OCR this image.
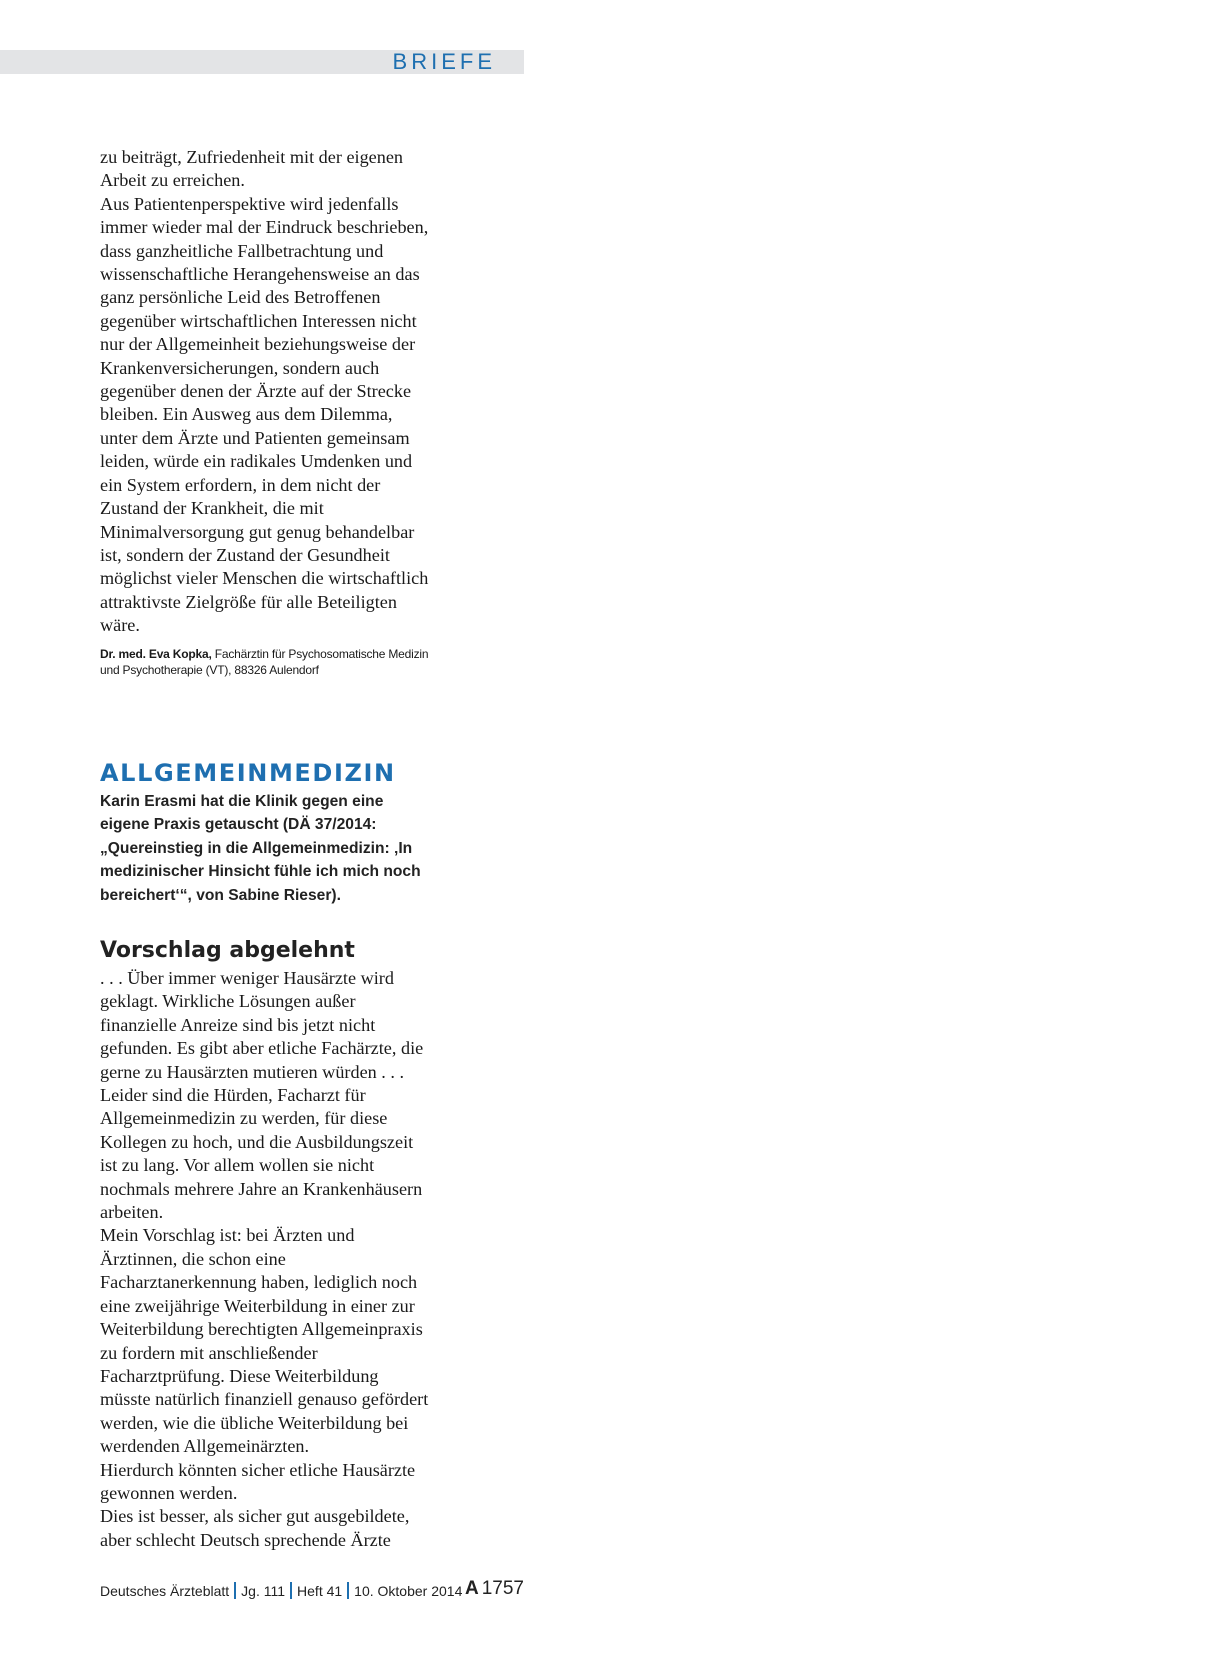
BRIEFE

zu beiträgt, Zufriedenheit mit der eigenen Arbeit zu erreichen.

Aus Patientenperspektive wird jedenfalls immer wieder mal der Eindruck beschrieben, dass ganzheitliche Fallbetrachtung und wissenschaftliche Herangehensweise an das ganz persönliche Leid des Betroffenen gegenüber wirtschaftlichen Interessen nicht nur der Allgemeinheit beziehungsweise der Krankenversicherungen, sondern auch gegenüber denen der Ärzte auf der Strecke bleiben. Ein Ausweg aus dem Dilemma, unter dem Ärzte und Patienten gemeinsam leiden, würde ein radikales Umdenken und ein System erfordern, in dem nicht der Zustand der Krankheit, die mit Minimalversorgung gut genug behandelbar ist, sondern der Zustand der Gesundheit möglichst vieler Menschen die wirtschaftlich attraktivste Zielgröße für alle Beteiligten wäre.

Dr. med. Eva Kopka, Fachärztin für Psychosomatische Medizin und Psychotherapie (VT), 88326 Aulendorf
ALLGEMEINMEDIZIN
Karin Erasmi hat die Klinik gegen eine eigene Praxis getauscht (DÄ 37/2014: „Quereinstieg in die Allgemeinmedizin: ‚In medizinischer Hinsicht fühle ich mich noch bereichert‘“, von Sabine Rieser).
Vorschlag abgelehnt

. . . Über immer weniger Hausärzte wird geklagt. Wirkliche Lösungen außer finanzielle Anreize sind bis jetzt nicht gefunden. Es gibt aber etliche Fachärzte, die gerne zu Hausärzten mutieren würden . . . Leider sind die Hürden, Facharzt für Allgemeinmedizin zu werden, für diese Kollegen zu hoch, und die Ausbildungszeit ist zu lang. Vor allem wollen sie nicht nochmals mehrere Jahre an Krankenhäusern arbeiten.

Mein Vorschlag ist: bei Ärzten und Ärztinnen, die schon eine Facharztanerkennung haben, lediglich noch eine zweijährige Weiterbildung in einer zur Weiterbildung berechtigten Allgemeinpraxis zu fordern mit anschließender Facharztprüfung. Diese Weiterbildung müsste natürlich finanziell genauso gefördert werden, wie die übliche Weiterbildung bei werdenden Allgemeinärzten.

Hierdurch könnten sicher etliche Hausärzte gewonnen werden.

Dies ist besser, als sicher gut ausgebildete, aber schlecht Deutsch sprechende Ärzte

Deutsches Ärzteblatt Jg. 111 Heft 41 10. Oktober 2014 A 1757
